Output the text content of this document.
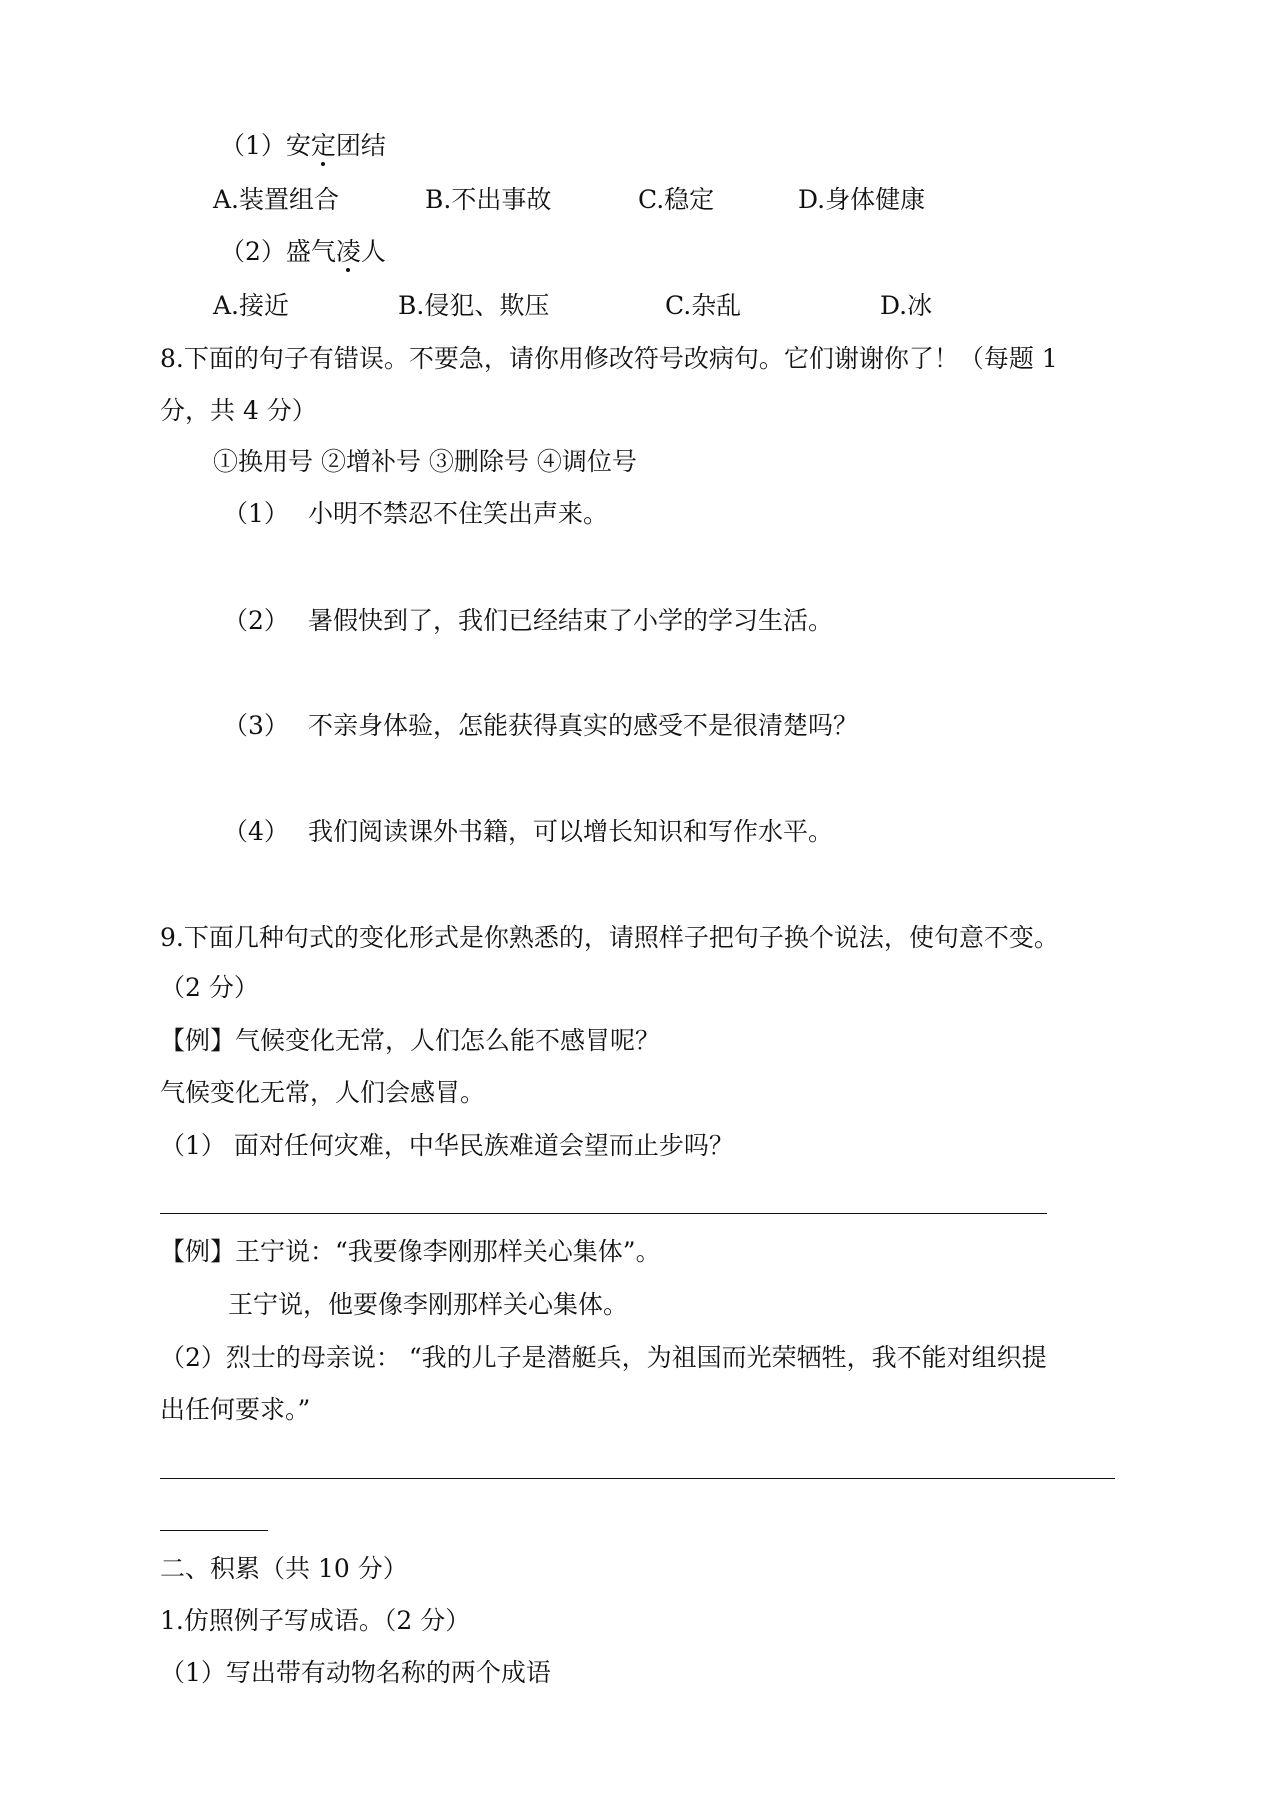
（1）安定团结
A.装置组合	B.不出事故	C.稳定	D.身体健康
（2）盛气凌人
A.接近	B.侵犯、欺压	C.杂乱	D.冰
8.下面的句子有错误。不要急，请你用修改符号改病句。它们谢谢你了！（每题 1
分，共 4 分）
①换用号 ②增补号 ③删除号 ④调位号
（1） 小明不禁忍不住笑出声来。
（2） 暑假快到了，我们已经结束了小学的学习生活。
（3） 不亲身体验，怎能获得真实的感受不是很清楚吗？
（4） 我们阅读课外书籍，可以增长知识和写作水平。
9.下面几种句式的变化形式是你熟悉的，请照样子把句子换个说法，使句意不变。
（2 分）
【例】气候变化无常，人们怎么能不感冒呢？
气候变化无常，人们会感冒。
（1） 面对任何灾难，中华民族难道会望而止步吗？
【例】王宁说：“我要像李刚那样关心集体”。
王宁说，他要像李刚那样关心集体。
（2）烈士的母亲说： “我的儿子是潜艇兵，为祖国而光荣牺牲，我不能对组织提
出任何要求。”
二、积累（共 10 分）
1.仿照例子写成语。（2 分）
（1）写出带有动物名称的两个成语
